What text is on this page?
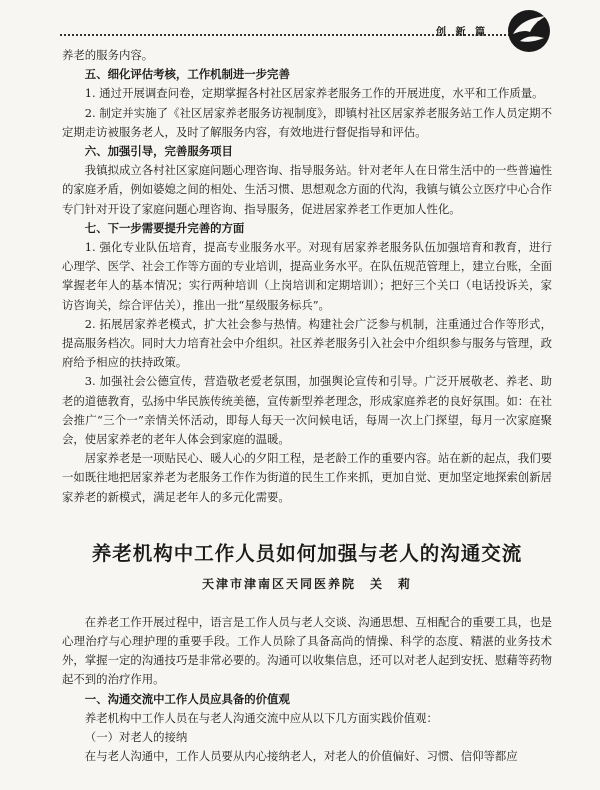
创 新 篇

养老的服务内容。

五、细化评估考核，工作机制进一步完善

1. 通过开展调查问卷，定期掌握各村社区居家养老服务工作的开展进度，水平和工作质量。

2. 制定并实施了《社区居家养老服务访视制度》，即镇村社区居家养老服务站工作人员定期不定期走访被服务老人，及时了解服务内容，有效地进行督促指导和评估。

六、加强引导，完善服务项目

我镇拟成立各村社区家庭问题心理咨询、指导服务站。针对老年人在日常生活中的一些普遍性的家庭矛盾，例如婆媳之间的相处、生活习惯、思想观念方面的代沟，我镇与镇公立医疗中心合作专门针对开设了家庭问题心理咨询、指导服务，促进居家养老工作更加人性化。

七、下一步需要提升完善的方面

1. 强化专业队伍培育，提高专业服务水平。对现有居家养老服务队伍加强培育和教育，进行心理学、医学、社会工作等方面的专业培训，提高业务水平。在队伍规范管理上，建立台账，全面掌握老年人的基本情况；实行两种培训（上岗培训和定期培训）；把好三个关口（电话投诉关，家访咨询关，综合评估关），推出一批“星级服务标兵”。

2. 拓展居家养老模式，扩大社会参与热情。构建社会广泛参与机制，注重通过合作等形式，提高服务档次。同时大力培育社会中介组织。社区养老服务引入社会中介组织参与服务与管理，政府给予相应的扶持政策。

3. 加强社会公德宣传，营造敬老爱老氛围，加强舆论宣传和引导。广泛开展敬老、养老、助老的道德教育，弘扬中华民族传统美德，宣传新型养老理念，形成家庭养老的良好氛围。如：在社会推广“三个一”亲情关怀活动，即每人每天一次问候电话，每周一次上门探望，每月一次家庭聚会，使居家养老的老年人体会到家庭的温暖。

居家养老是一项贴民心、暖人心的夕阳工程，是老龄工作的重要内容。站在新的起点，我们要一如既往地把居家养老为老服务工作作为街道的民生工作来抓，更加自觉、更加坚定地探索创新居家养老的新模式，满足老年人的多元化需要。

养老机构中工作人员如何加强与老人的沟通交流

天津市津南区天同医养院　关　莉

在养老工作开展过程中，语言是工作人员与老人交谈、沟通思想、互相配合的重要工具，也是心理治疗与心理护理的重要手段。工作人员除了具备高尚的情操、科学的态度、精湛的业务技术外，掌握一定的沟通技巧是非常必要的。沟通可以收集信息，还可以对老人起到安抚、慰藉等药物起不到的治疗作用。

一、沟通交流中工作人员应具备的价值观

养老机构中工作人员在与老人沟通交流中应从以下几方面实践价值观：

（一）对老人的接纳

在与老人沟通中，工作人员要从内心接纳老人，对老人的价值偏好、习惯、信仰等都应
